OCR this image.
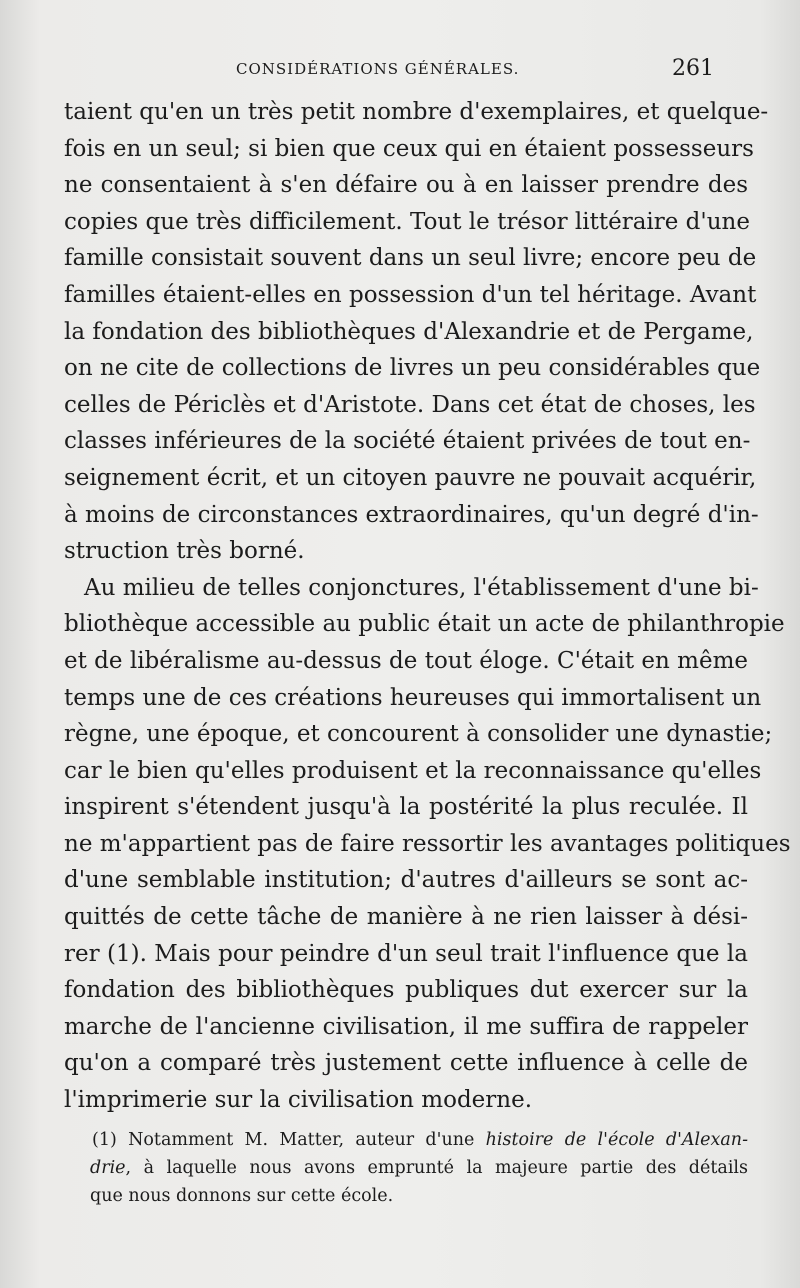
CONSIDÉRATIONS GÉNÉRALES.	261
taient qu'en un très petit nombre d'exemplaires, et quelque-
fois en un seul; si bien que ceux qui en étaient possesseurs
ne consentaient à s'en défaire ou à en laisser prendre des
copies que très difficilement. Tout le trésor littéraire d'une
famille consistait souvent dans un seul livre; encore peu de
familles étaient-elles en possession d'un tel héritage. Avant
la fondation des bibliothèques d'Alexandrie et de Pergame,
on ne cite de collections de livres un peu considérables que
celles de Périclès et d'Aristote. Dans cet état de choses, les
classes inférieures de la société étaient privées de tout en-
seignement écrit, et un citoyen pauvre ne pouvait acquérir,
à moins de circonstances extraordinaires, qu'un degré d'in-
struction très borné.
Au milieu de telles conjonctures, l'établissement d'une bi-
bliothèque accessible au public était un acte de philanthropie
et de libéralisme au-dessus de tout éloge. C'était en même
temps une de ces créations heureuses qui immortalisent un
règne, une époque, et concourent à consolider une dynastie;
car le bien qu'elles produisent et la reconnaissance qu'elles
inspirent s'étendent jusqu'à la postérité la plus reculée. Il
ne m'appartient pas de faire ressortir les avantages politiques
d'une semblable institution; d'autres d'ailleurs se sont ac-
quittés de cette tâche de manière à ne rien laisser à dési-
rer (1). Mais pour peindre d'un seul trait l'influence que la
fondation des bibliothèques publiques dut exercer sur la
marche de l'ancienne civilisation, il me suffira de rappeler
qu'on a comparé très justement cette influence à celle de
l'imprimerie sur la civilisation moderne.
(1) Notamment M. Matter, auteur d'une histoire de l'école d'Alexan-
drie, à laquelle nous avons emprunté la majeure partie des détails
que nous donnons sur cette école.
